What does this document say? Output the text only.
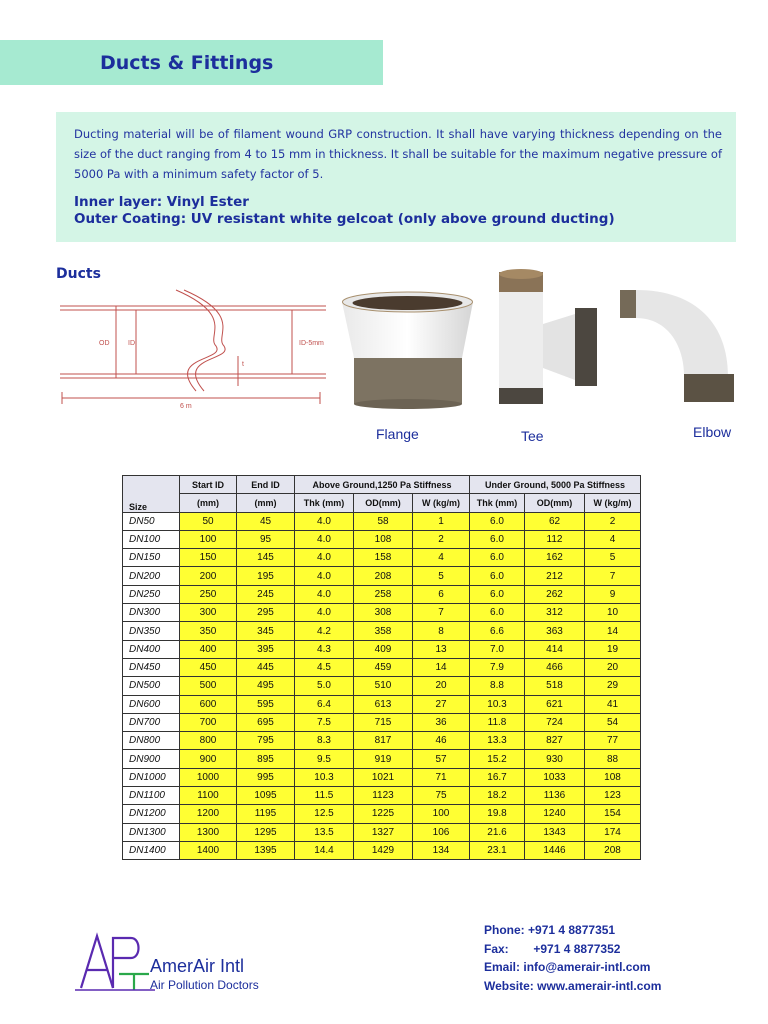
Ducts & Fittings
Ducting material will be of filament wound GRP construction. It shall have varying thickness depending on the size of the duct ranging from 4 to 15 mm in thickness. It shall be suitable for the maximum negative pressure of 5000 Pa with a minimum safety factor of 5.
Inner layer: Vinyl Ester
Outer Coating: UV resistant white gelcoat (only above ground ducting)
Ducts
OD	ID	ID-5mm
t
6 m
Flange	Tee	Elbow
Size	Start ID	End ID	Above Ground,1250 Pa Stiffness			Under Ground, 5000 Pa Stiffness		
	(mm)	(mm)	Thk (mm)	OD(mm)	W (kg/m)	Thk (mm)	OD(mm)	W (kg/m)
DN50	50	45	4.0	58	1	6.0	62	2
DN100	100	95	4.0	108	2	6.0	112	4
DN150	150	145	4.0	158	4	6.0	162	5
DN200	200	195	4.0	208	5	6.0	212	7
DN250	250	245	4.0	258	6	6.0	262	9
DN300	300	295	4.0	308	7	6.0	312	10
DN350	350	345	4.2	358	8	6.6	363	14
DN400	400	395	4.3	409	13	7.0	414	19
DN450	450	445	4.5	459	14	7.9	466	20
DN500	500	495	5.0	510	20	8.8	518	29
DN600	600	595	6.4	613	27	10.3	621	41
DN700	700	695	7.5	715	36	11.8	724	54
DN800	800	795	8.3	817	46	13.3	827	77
DN900	900	895	9.5	919	57	15.2	930	88
DN1000	1000	995	10.3	1021	71	16.7	1033	108
DN1100	1100	1095	11.5	1123	75	18.2	1136	123
DN1200	1200	1195	12.5	1225	100	19.8	1240	154
DN1300	1300	1295	13.5	1327	106	21.6	1343	174
DN1400	1400	1395	14.4	1429	134	23.1	1446	208
AmerAir Intl
Air Pollution Doctors
Phone: +971 4 8877351
Fax: +971 4 8877352
Email: info@amerair-intl.com
Website: www.amerair-intl.com
